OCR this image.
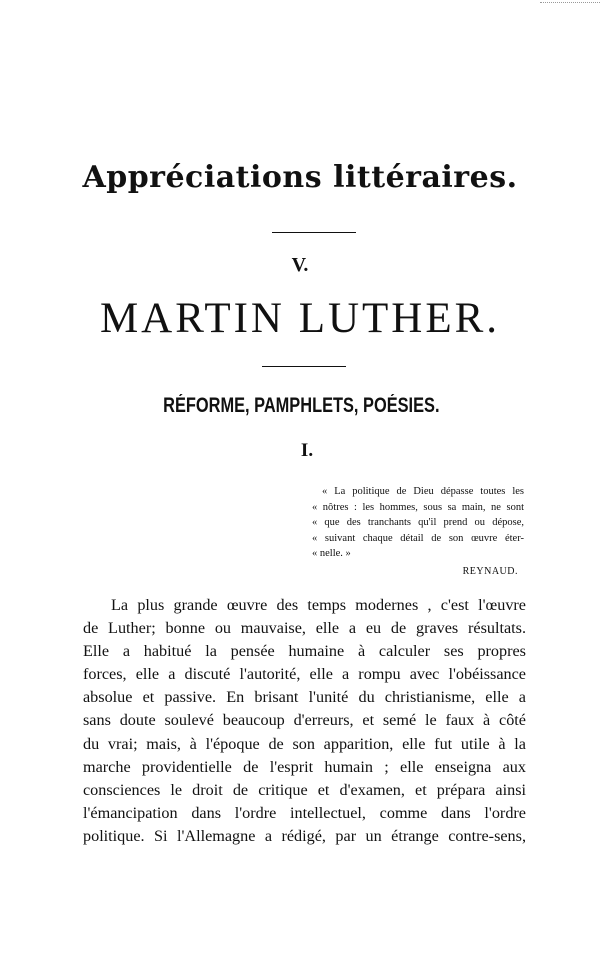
Appréciations littéraires.
V.
MARTIN LUTHER.
RÉFORME, PAMPHLETS, POÉSIES.
I.
« La politique de Dieu dépasse toutes les
« nôtres : les hommes, sous sa main, ne sont
« que des tranchants qu'il prend ou dépose,
« suivant chaque détail de son œuvre éter-
« nelle. »
REYNAUD.
La plus grande œuvre des temps modernes , c'est l'œuvre
de Luther; bonne ou mauvaise, elle a eu de graves résultats.
Elle a habitué la pensée humaine à calculer ses propres
forces, elle a discuté l'autorité, elle a rompu avec l'obéissance
absolue et passive. En brisant l'unité du christianisme, elle a
sans doute soulevé beaucoup d'erreurs, et semé le faux à côté
du vrai; mais, à l'époque de son apparition, elle fut utile à la
marche providentielle de l'esprit humain ; elle enseigna aux
consciences le droit de critique et d'examen, et prépara ainsi
l'émancipation dans l'ordre intellectuel, comme dans l'ordre
politique. Si l'Allemagne a rédigé, par un étrange contre-sens,
